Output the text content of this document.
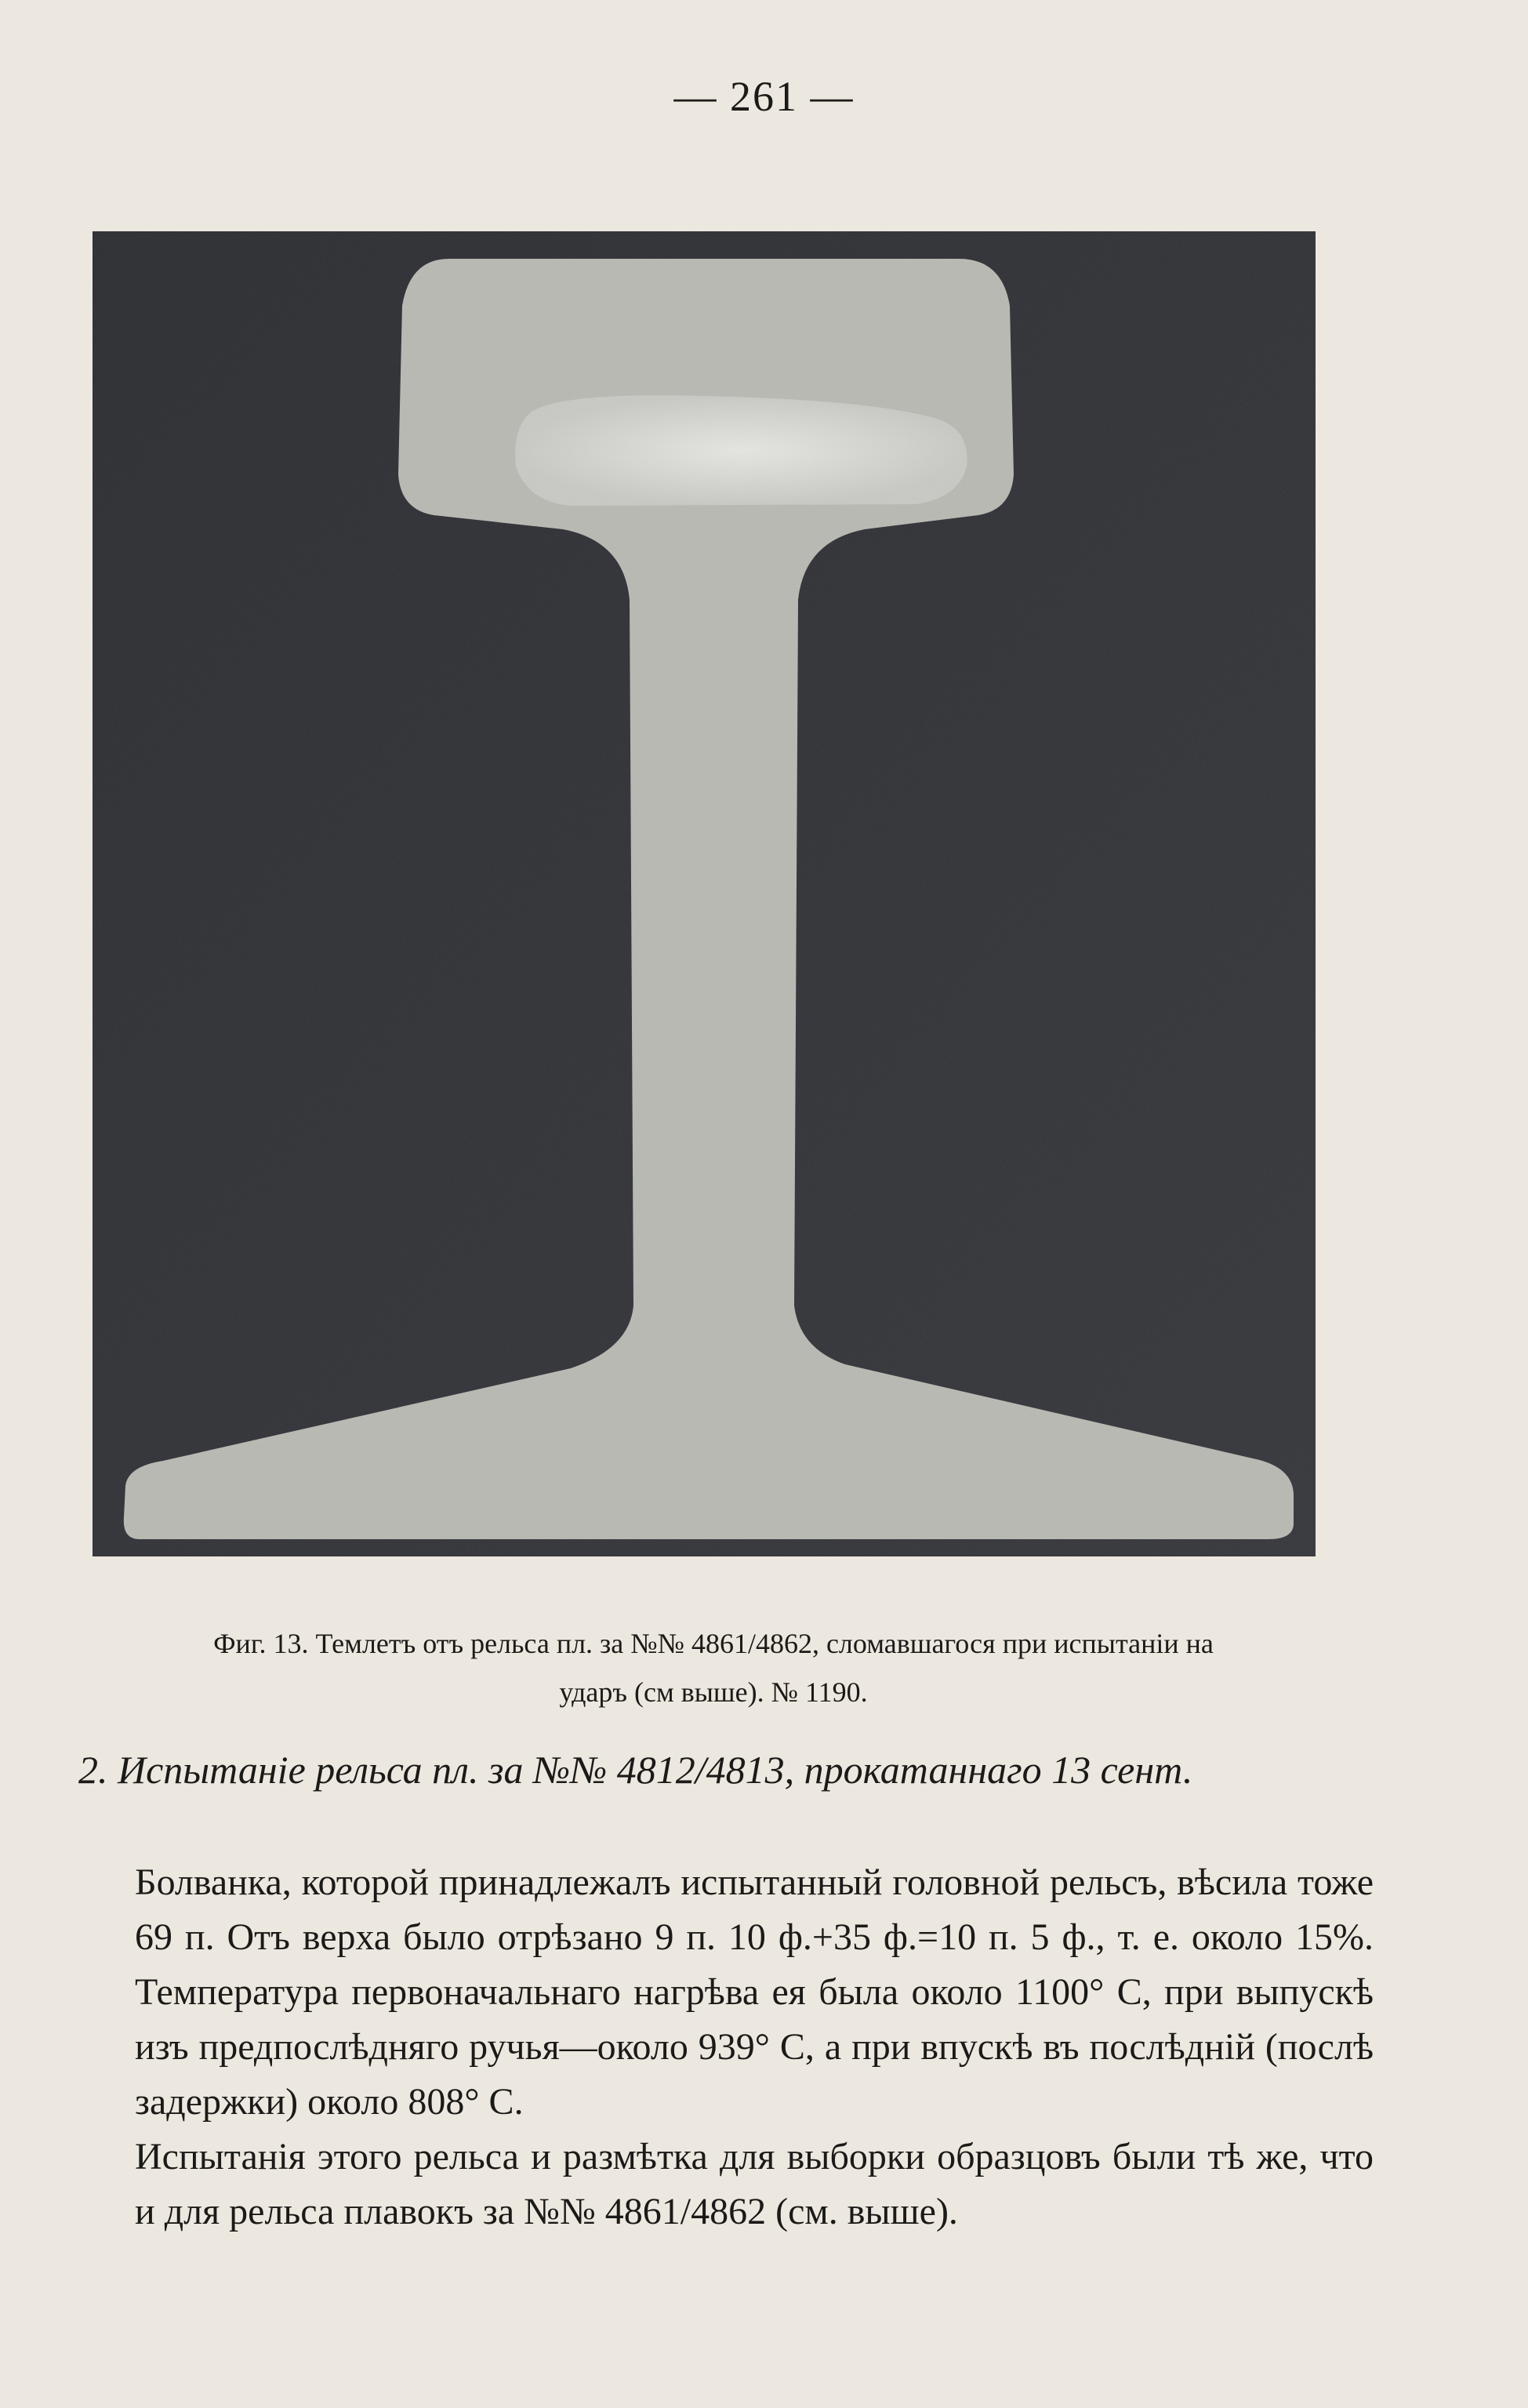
— 261 —
Фиг. 13. Темлетъ отъ рельса пл. за №№ 4861/4862, сломавшагося при испытаніи на
ударъ (см выше). № 1190.
2. Испытаніе рельса пл. за №№ 4812/4813, прокатаннаго 13 сент.

Болванка, которой принадлежалъ испытанный головной рельсъ, вѣсила тоже 69 п. Отъ верха было отрѣзано 9 п. 10 ф.+35 ф.=10 п. 5 ф., т. е. около 15%. Температура первоначальнаго нагрѣва ея была около 1100° С, при выпускѣ изъ предпослѣдняго ручья—около 939° С, а при впускѣ въ послѣдній (послѣ задержки) около 808° С.

Испытанія этого рельса и размѣтка для выборки образцовъ были тѣ же, что и для рельса плавокъ за №№ 4861/4862 (см. выше).
